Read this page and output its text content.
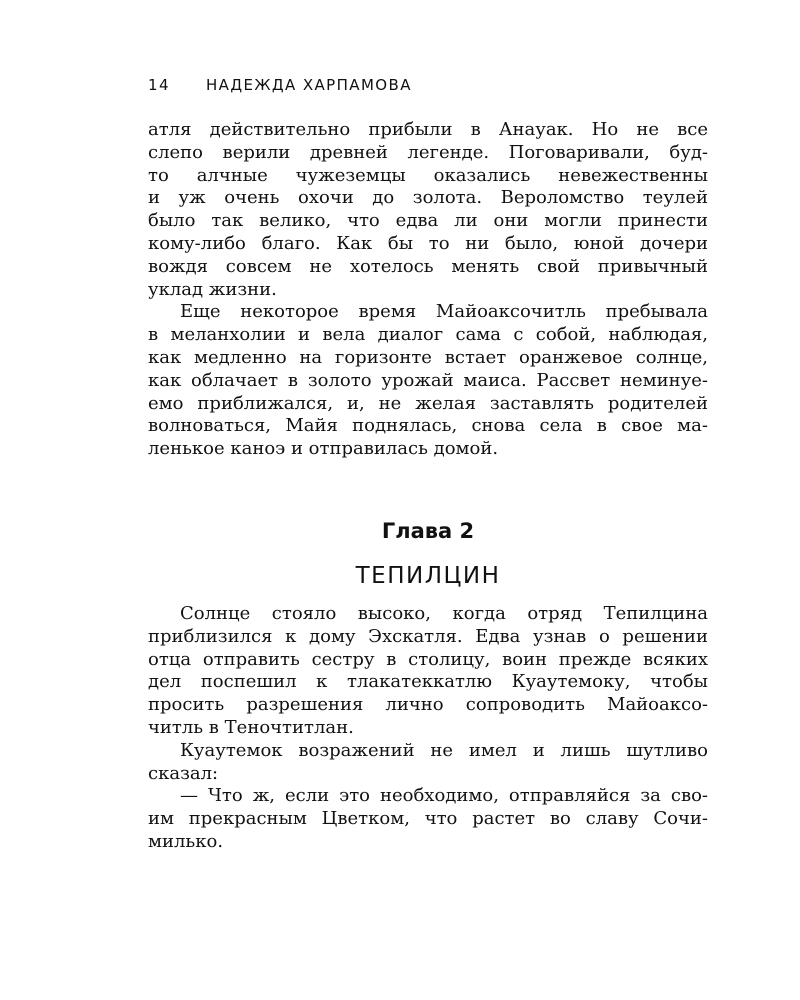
14 НАДЕЖДА ХАРПАМОВА
атля действительно прибыли в Анауак. Но не все
слепо верили древней легенде. Поговаривали, буд-
то алчные чужеземцы оказались невежественны
и уж очень охочи до золота. Вероломство теулей
было так велико, что едва ли они могли принести
кому-либо благо. Как бы то ни было, юной дочери
вождя совсем не хотелось менять свой привычный
уклад жизни.
Еще некоторое время Майоаксочитль пребывала
в меланхолии и вела диалог сама с собой, наблюдая,
как медленно на горизонте встает оранжевое солнце,
как облачает в золото урожай маиса. Рассвет неминуе-
емо приближался, и, не желая заставлять родителей
волноваться, Майя поднялась, снова села в свое ма-
ленькое каноэ и отправилась домой.
Глава 2
ТЕПИЛЦИН
Солнце стояло высоко, когда отряд Тепилцина
приблизился к дому Эхскатля. Едва узнав о решении
отца отправить сестру в столицу, воин прежде всяких
дел поспешил к тлакатеккатлю Куаутемоку, чтобы
просить разрешения лично сопроводить Майоаксо-
читль в Теночтитлан.
Куаутемок возражений не имел и лишь шутливо
сказал:
— Что ж, если это необходимо, отправляйся за сво-
им прекрасным Цветком, что растет во славу Сочи-
милько.
